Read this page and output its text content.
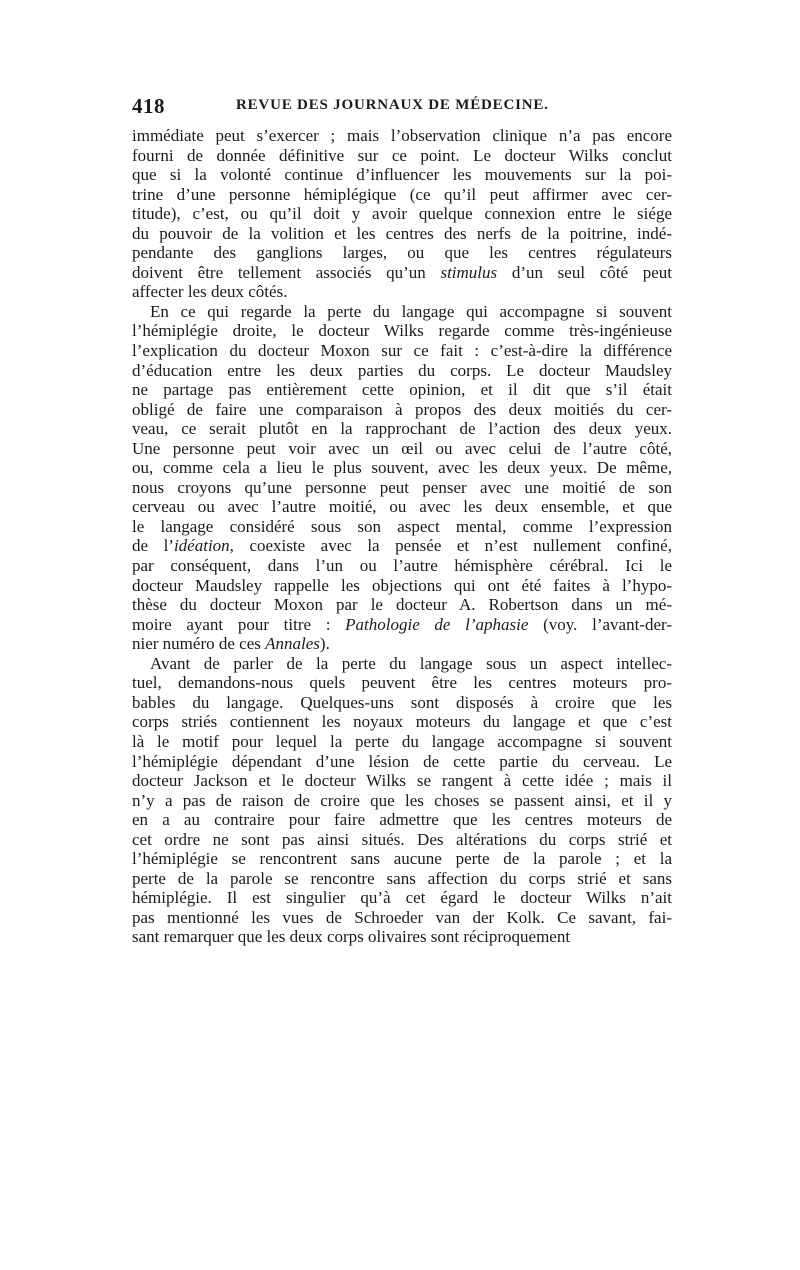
418	REVUE DES JOURNAUX DE MÉDECINE.
immédiate peut s’exercer ; mais l’observation clinique n’a pas encore
fourni de donnée définitive sur ce point. Le docteur Wilks conclut
que si la volonté continue d’influencer les mouvements sur la poi-
trine d’une personne hémiplégique (ce qu’il peut affirmer avec cer-
titude), c’est, ou qu’il doit y avoir quelque connexion entre le siége
du pouvoir de la volition et les centres des nerfs de la poitrine, indé-
pendante des ganglions larges, ou que les centres régulateurs
doivent être tellement associés qu’un stimulus d’un seul côté peut
affecter les deux côtés.
En ce qui regarde la perte du langage qui accompagne si souvent
l’hémiplégie droite, le docteur Wilks regarde comme très-ingénieuse
l’explication du docteur Moxon sur ce fait : c’est-à-dire la différence
d’éducation entre les deux parties du corps. Le docteur Maudsley
ne partage pas entièrement cette opinion, et il dit que s’il était
obligé de faire une comparaison à propos des deux moitiés du cer-
veau, ce serait plutôt en la rapprochant de l’action des deux yeux.
Une personne peut voir avec un œil ou avec celui de l’autre côté,
ou, comme cela a lieu le plus souvent, avec les deux yeux. De même,
nous croyons qu’une personne peut penser avec une moitié de son
cerveau ou avec l’autre moitié, ou avec les deux ensemble, et que
le langage considéré sous son aspect mental, comme l’expression
de l’idéation, coexiste avec la pensée et n’est nullement confiné,
par conséquent, dans l’un ou l’autre hémisphère cérébral. Ici le
docteur Maudsley rappelle les objections qui ont été faites à l’hypo-
thèse du docteur Moxon par le docteur A. Robertson dans un mé-
moire ayant pour titre : Pathologie de l’aphasie (voy. l’avant-der-
nier numéro de ces Annales).
Avant de parler de la perte du langage sous un aspect intellec-
tuel, demandons-nous quels peuvent être les centres moteurs pro-
bables du langage. Quelques-uns sont disposés à croire que les
corps striés contiennent les noyaux moteurs du langage et que c’est
là le motif pour lequel la perte du langage accompagne si souvent
l’hémiplégie dépendant d’une lésion de cette partie du cerveau. Le
docteur Jackson et le docteur Wilks se rangent à cette idée ; mais il
n’y a pas de raison de croire que les choses se passent ainsi, et il y
en a au contraire pour faire admettre que les centres moteurs de
cet ordre ne sont pas ainsi situés. Des altérations du corps strié et
l’hémiplégie se rencontrent sans aucune perte de la parole ; et la
perte de la parole se rencontre sans affection du corps strié et sans
hémiplégie. Il est singulier qu’à cet égard le docteur Wilks n’ait
pas mentionné les vues de Schroeder van der Kolk. Ce savant, fai-
sant remarquer que les deux corps olivaires sont réciproquement
